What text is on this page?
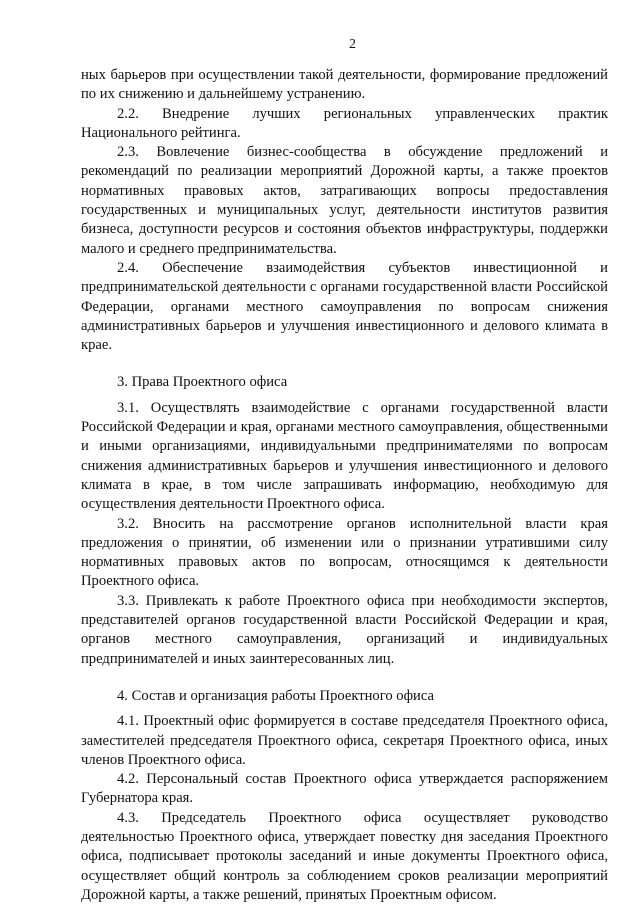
2

ных барьеров при осуществлении такой деятельности, формирование предложений по их снижению и дальнейшему устранению.

2.2. Внедрение лучших региональных управленческих практик Национального рейтинга.

2.3. Вовлечение бизнес-сообщества в обсуждение предложений и рекомендаций по реализации мероприятий Дорожной карты, а также проектов нормативных правовых актов, затрагивающих вопросы предоставления государственных и муниципальных услуг, деятельности институтов развития бизнеса, доступности ресурсов и состояния объектов инфраструктуры, поддержки малого и среднего предпринимательства.

2.4. Обеспечение взаимодействия субъектов инвестиционной и предпринимательской деятельности с органами государственной власти Российской Федерации, органами местного самоуправления по вопросам снижения административных барьеров и улучшения инвестиционного и делового климата в крае.

3. Права Проектного офиса

3.1. Осуществлять взаимодействие с органами государственной власти Российской Федерации и края, органами местного самоуправления, общественными и иными организациями, индивидуальными предпринимателями по вопросам снижения административных барьеров и улучшения инвестиционного и делового климата в крае, в том числе запрашивать информацию, необходимую для осуществления деятельности Проектного офиса.

3.2. Вносить на рассмотрение органов исполнительной власти края предложения о принятии, об изменении или о признании утратившими силу нормативных правовых актов по вопросам, относящимся к деятельности Проектного офиса.

3.3. Привлекать к работе Проектного офиса при необходимости экспертов, представителей органов государственной власти Российской Федерации и края, органов местного самоуправления, организаций и индивидуальных предпринимателей и иных заинтересованных лиц.

4. Состав и организация работы Проектного офиса

4.1. Проектный офис формируется в составе председателя Проектного офиса, заместителей председателя Проектного офиса, секретаря Проектного офиса, иных членов Проектного офиса.

4.2. Персональный состав Проектного офиса утверждается распоряжением Губернатора края.

4.3. Председатель Проектного офиса осуществляет руководство деятельностью Проектного офиса, утверждает повестку дня заседания Проектного офиса, подписывает протоколы заседаний и иные документы Проектного офиса, осуществляет общий контроль за соблюдением сроков реализации мероприятий Дорожной карты, а также решений, принятых Проектным офисом.
